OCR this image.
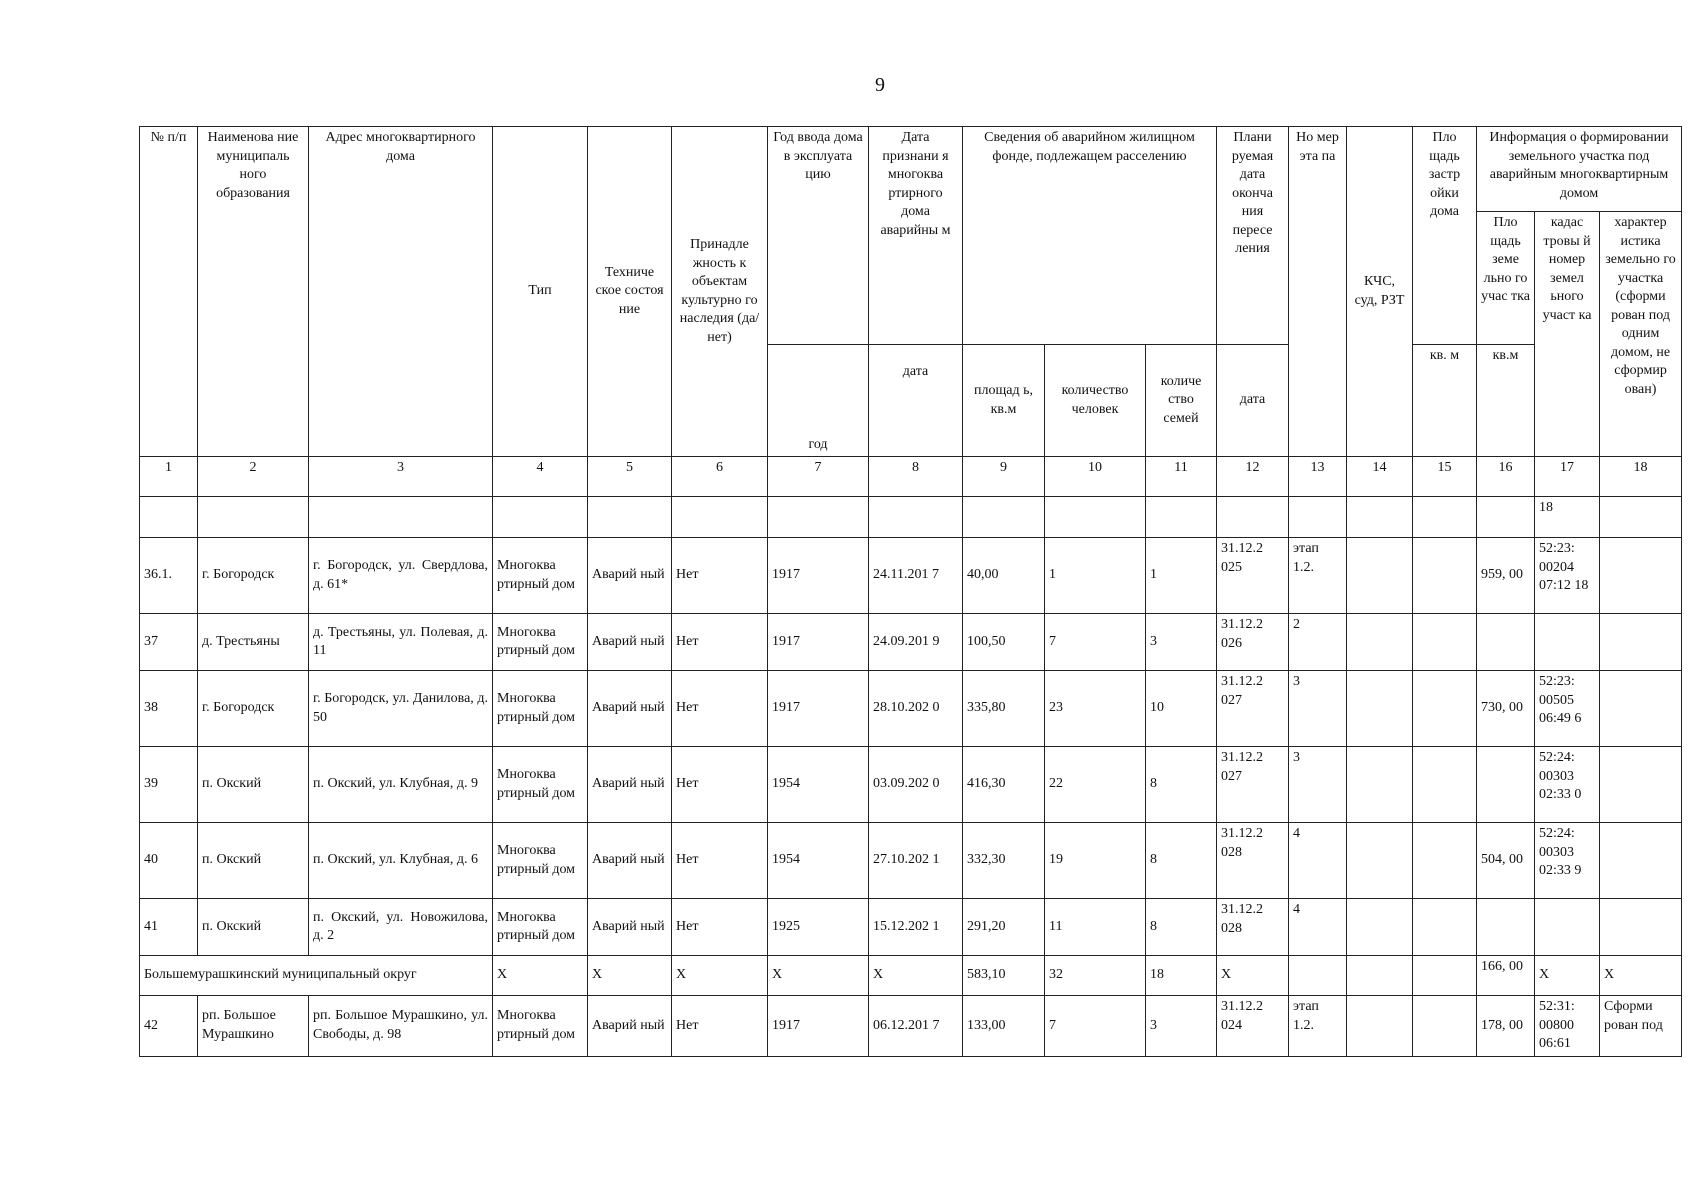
9
№ п/п	Наименова ние муниципаль ного образования	Адрес многоквартирного дома	Тип	Техниче ское состоя ние	Принадле жность к объектам культурно го наследия (да/нет)	Год ввода дома в эксплуата цию	Дата признани я многоква ртирного дома аварийны м	Сведения об аварийном жилищном фонде, подлежащем расселению			Плани руемая дата оконча ния пересе ления	Но мер эта па	КЧС, суд, РЗТ	Пло щадь застр ойки дома	Информация о формировании земельного участка под аварийным многоквартирным домом		
															Пло щадь земе льно го учас тка	кадас тровы й номер земел ьного участ ка	характер истика земельно го участка (сформи рован под одним домом, не сформир ован)
						год	дата	площад ь, кв.м	количество человек	количе ство семей	дата			кв. м	кв.м		
1	2	3	4	5	6	7	8	9	10	11	12	13	14	15	16	17	18
																18	
36.1.	г. Богородск	г. Богородск, ул. Свердлова, д. 61*	Многоква ртирный дом	Аварий ный	Нет	1917	24.11.201 7	40,00	1	1	31.12.2 025	этап 1.2.			959, 00	52:23: 00204 07:12 18	
37	д. Трестьяны	д. Трестьяны, ул. Полевая, д. 11	Многоква ртирный дом	Аварий ный	Нет	1917	24.09.201 9	100,50	7	3	31.12.2 026	2					
38	г. Богородск	г. Богородск, ул. Данилова, д. 50	Многоква ртирный дом	Аварий ный	Нет	1917	28.10.202 0	335,80	23	10	31.12.2 027	3			730, 00	52:23: 00505 06:49 6	
39	п. Окский	п. Окский, ул. Клубная, д. 9	Многоква ртирный дом	Аварий ный	Нет	1954	03.09.202 0	416,30	22	8	31.12.2 027	3				52:24: 00303 02:33 0	
40	п. Окский	п. Окский, ул. Клубная, д. 6	Многоква ртирный дом	Аварий ный	Нет	1954	27.10.202 1	332,30	19	8	31.12.2 028	4			504, 00	52:24: 00303 02:33 9	
41	п. Окский	п. Окский, ул. Новожилова, д. 2	Многоква ртирный дом	Аварий ный	Нет	1925	15.12.202 1	291,20	11	8	31.12.2 028	4					
Большемурашкинский муниципальный округ			X	X	X	X	X	583,10	32	18	X				166, 00	X	X
42	рп. Большое Мурашкино	рп. Большое Мурашкино, ул. Свободы, д. 98	Многоква ртирный дом	Аварий ный	Нет	1917	06.12.201 7	133,00	7	3	31.12.2 024	этап 1.2.			178, 00	52:31: 00800 06:61	Сформи рован под
